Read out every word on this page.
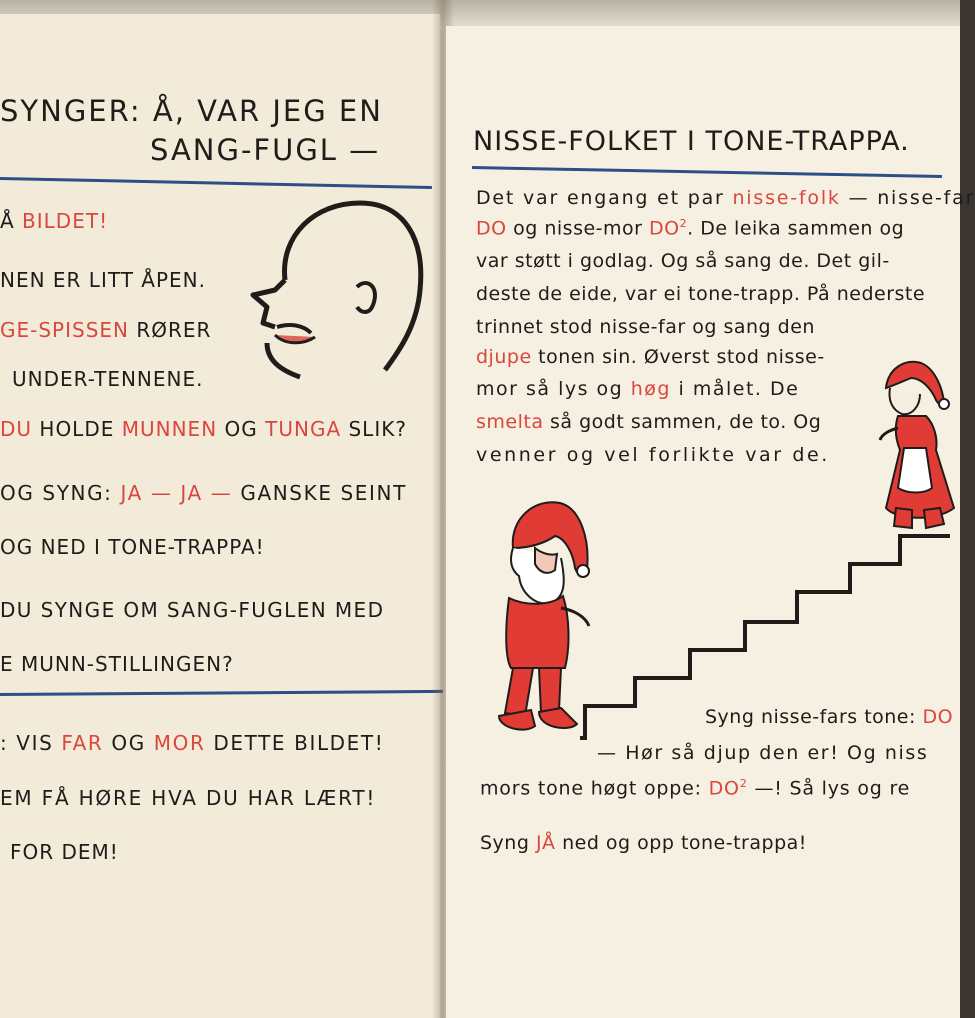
SYNGER: Å, VAR JEG EN
SANG-FUGL —
Å BILDET!
NEN ER LITT ÅPEN.
GE-SPISSEN RØRER
UNDER-TENNENE.
DU HOLDE MUNNEN OG TUNGA SLIK?
OG SYNG: JA — JA — GANSKE SEINT
OG NED I TONE-TRAPPA!
DU SYNGE OM SANG-FUGLEN MED
E MUNN-STILLINGEN?
: VIS FAR OG MOR DETTE BILDET!
EM FÅ HØRE HVA DU HAR LÆRT!
FOR DEM!
NISSE-FOLKET I TONE-TRAPPA.
Det var engang et par nisse-folk — nisse-far
DO og nisse-mor $DO^2$. De leika sammen og
var støtt i godlag. Og så sang de. Det gil-
deste de eide, var ei tone-trapp. På nederste
trinnet stod nisse-far og sang den
djupe tonen sin. Øverst stod nisse-
mor så lys og høg i målet. De
smelta så godt sammen, de to. Og
venner og vel forlikte var de.
Syng nisse-fars tone: DO
— Hør så djup den er! Og niss
mors tone høgt oppe: $DO^2$ —! Så lys og re
Syng JÅ ned og opp tone-trappa!
